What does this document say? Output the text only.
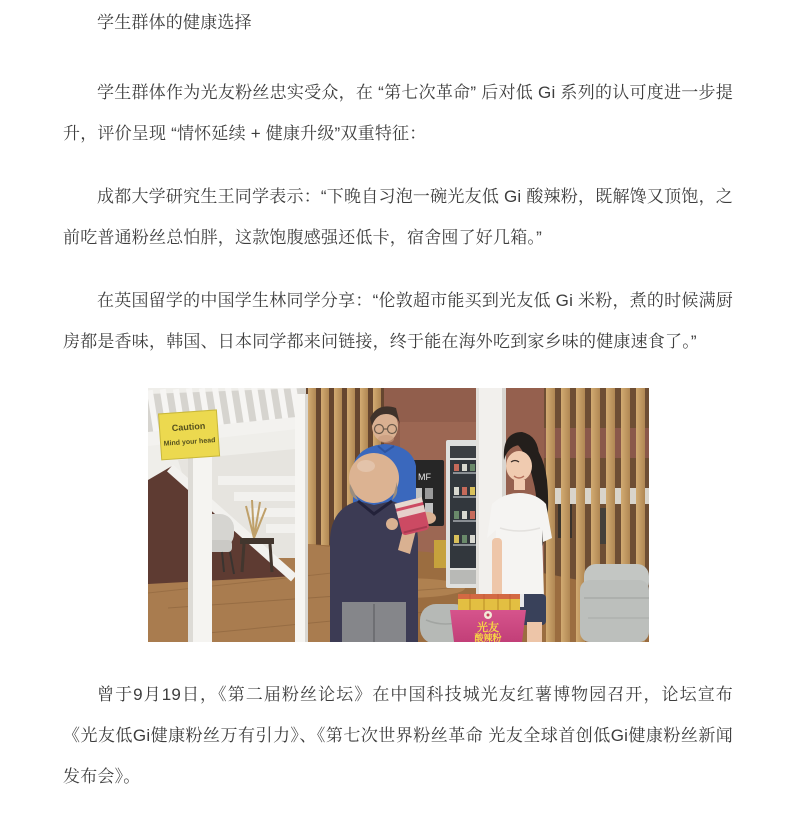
学生群体的健康选择

学生群体作为光友粉丝忠实受众，在 “第七次革命” 后对低 Gi 系列的认可度进一步提升，评价呈现 “情怀延续 + 健康升级”双重特征：

成都大学研究生王同学表示：“下晚自习泡一碗光友低 Gi 酸辣粉，既解馋又顶饱，之前吃普通粉丝总怕胖，这款饱腹感强还低卡，宿舍囤了好几箱。”

在英国留学的中国学生林同学分享：“伦敦超市能买到光友低 Gi 米粉，煮的时候满厨房都是香味，韩国、日本同学都来问链接，终于能在海外吃到家乡味的健康速食了。”

Caution
Mind your head
MF
光友
酸辣粉

曾于9月19日，《第二届粉丝论坛》在中国科技城光友红薯博物园召开，论坛宣布《光友低Gi健康粉丝万有引力》、《第七次世界粉丝革命 光友全球首创低Gi健康粉丝新闻发布会》。
